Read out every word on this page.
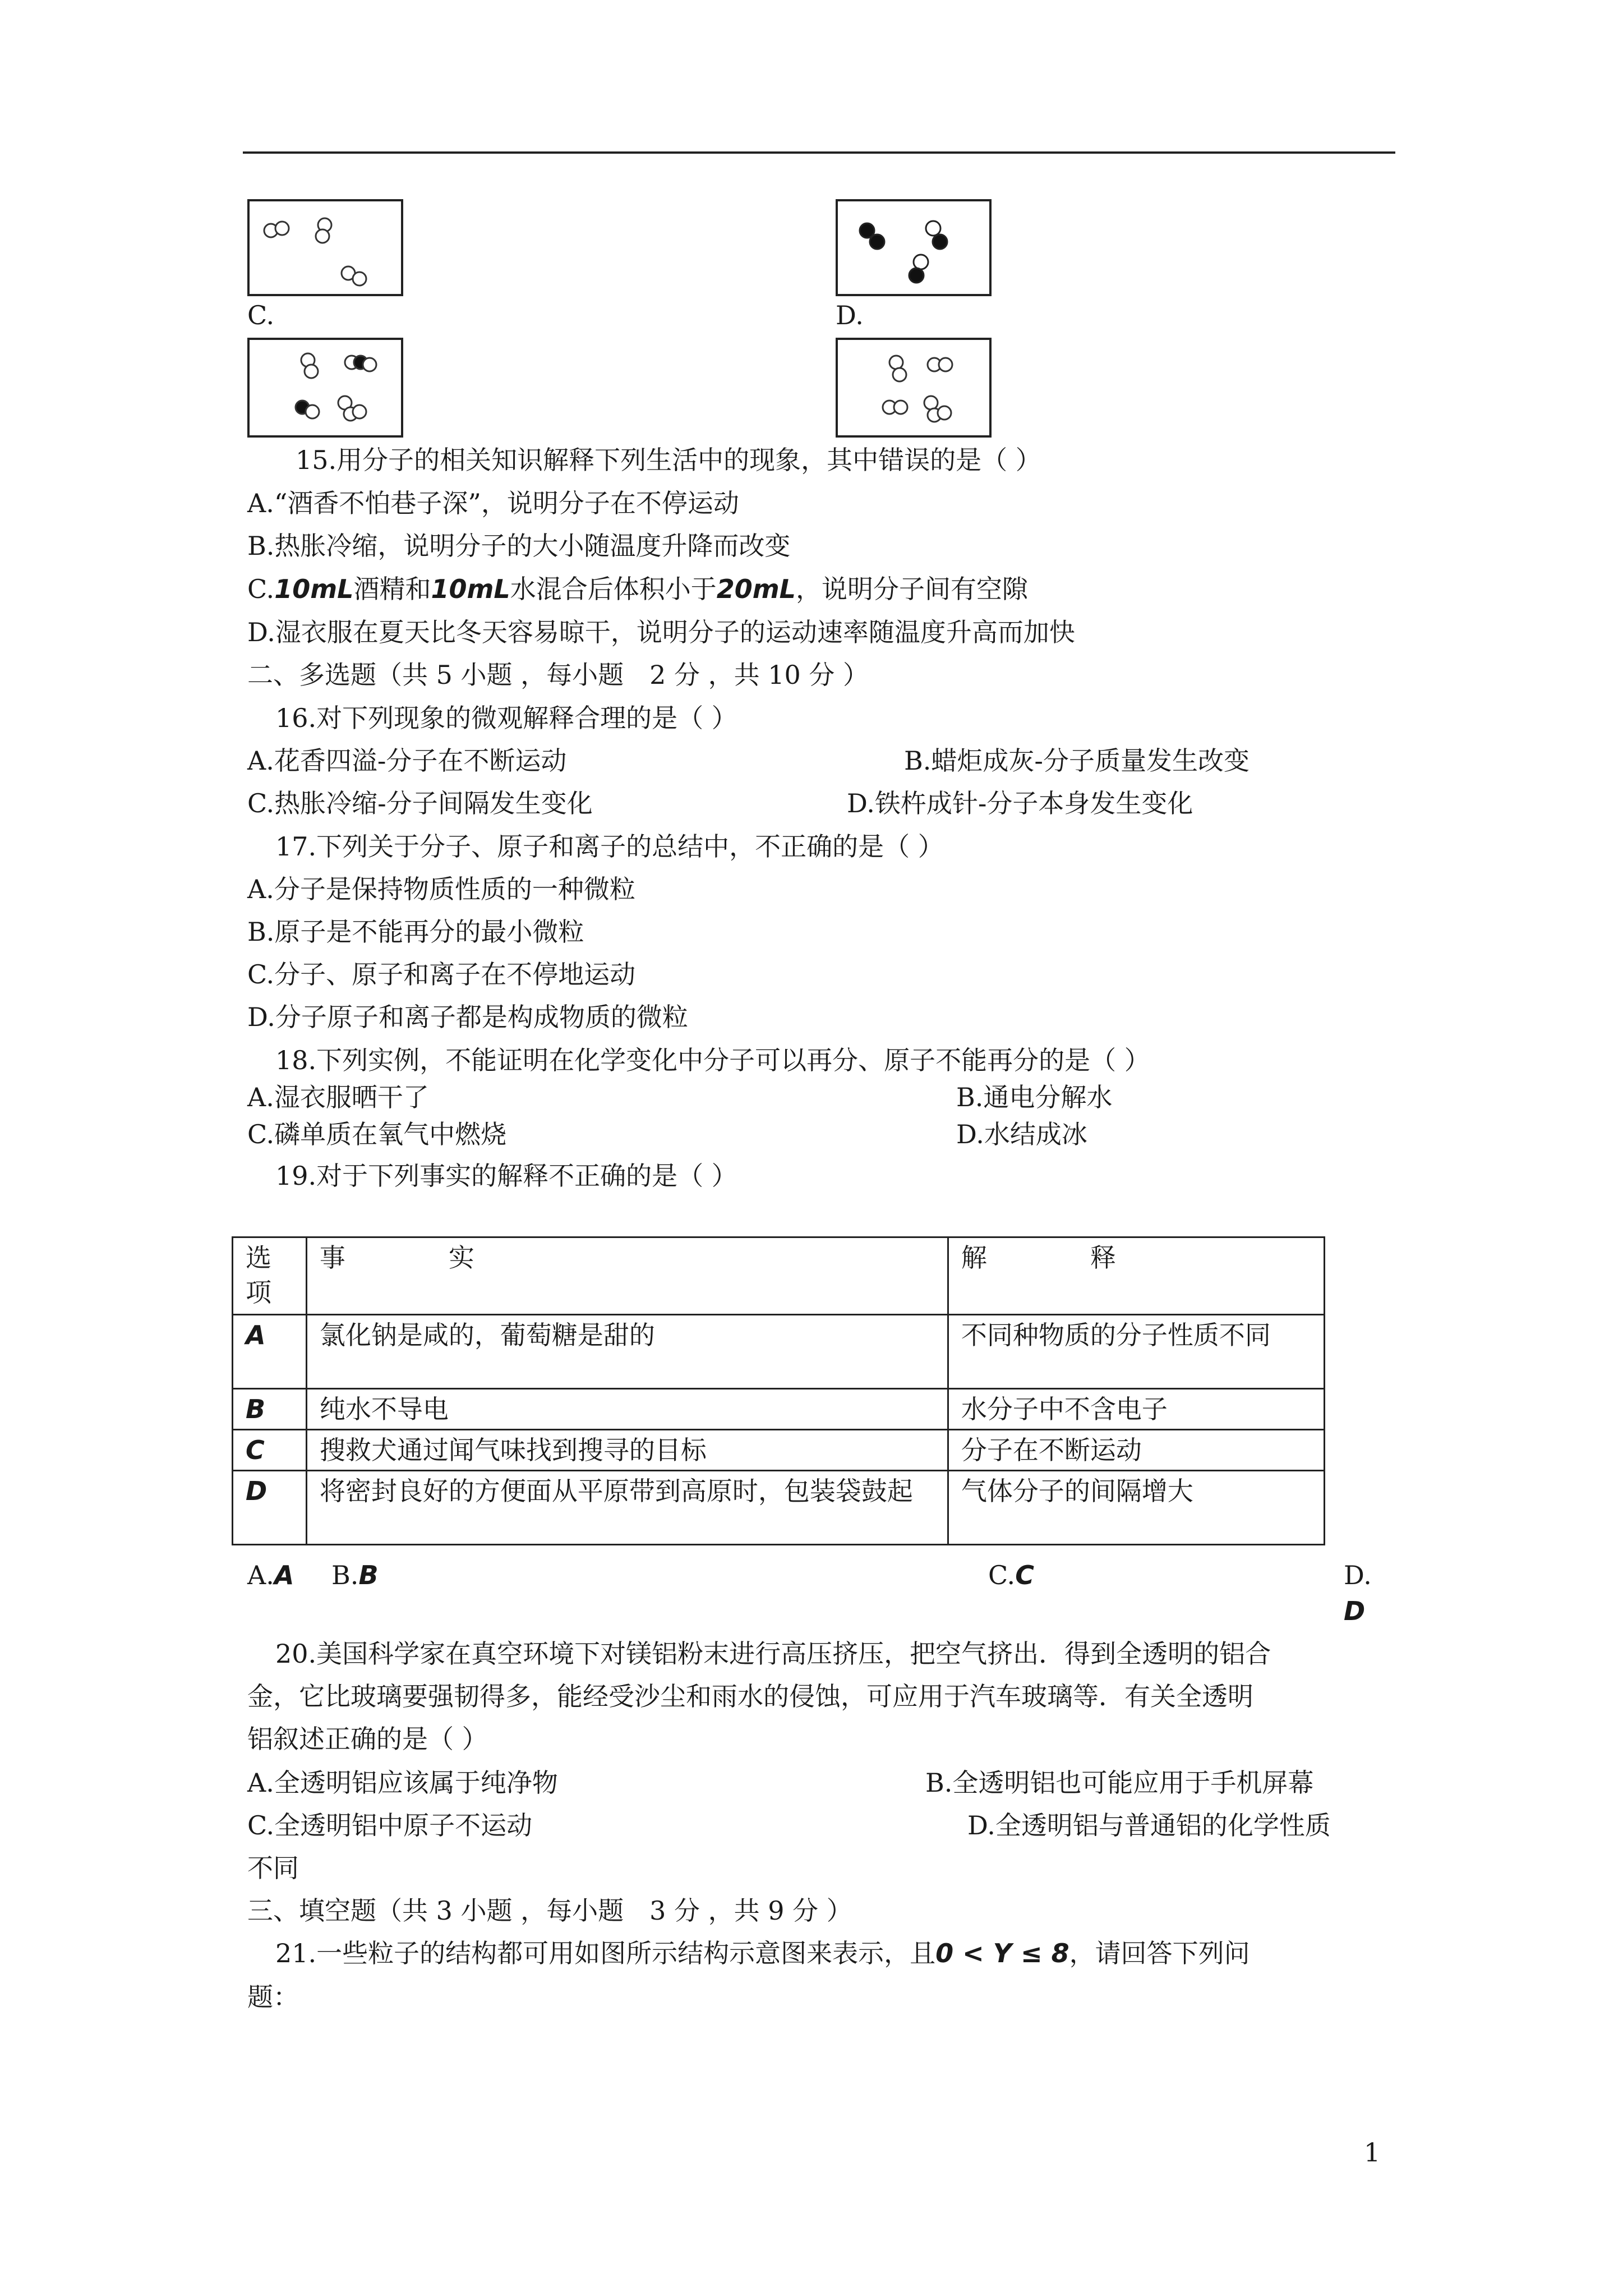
C.	D.
15.用分子的相关知识解释下列生活中的现象，其中错误的是（ ）
A.“酒香不怕巷子深”，说明分子在不停运动
B.热胀冷缩，说明分子的大小随温度升降而改变
C.10mL酒精和10mL水混合后体积小于20mL，说明分子间有空隙
D.湿衣服在夏天比冬天容易晾干，说明分子的运动速率随温度升高而加快
二、多选题（共 5 小题 ，每小题　2 分 ，共 10 分 ）
16.对下列现象的微观解释合理的是（ ）
A.花香四溢-分子在不断运动	B.蜡炬成灰-分子质量发生改变
C.热胀冷缩-分子间隔发生变化	D.铁杵成针-分子本身发生变化
17.下列关于分子、原子和离子的总结中，不正确的是（ ）
A.分子是保持物质性质的一种微粒
B.原子是不能再分的最小微粒
C.分子、原子和离子在不停地运动
D.分子原子和离子都是构成物质的微粒
18.下列实例，不能证明在化学变化中分子可以再分、原子不能再分的是（ ）
A.湿衣服晒干了	B.通电分解水
C.磷单质在氧气中燃烧	D.水结成冰
19.对于下列事实的解释不正确的是（ ）
选项	事　　　　实	解　　　　释
A	氯化钠是咸的，葡萄糖是甜的	不同种物质的分子性质不同
B	纯水不导电	水分子中不含电子
C	搜救犬通过闻气味找到搜寻的目标	分子在不断运动
D	将密封良好的方便面从平原带到高原时，包装袋鼓起	气体分子的间隔增大
A.A B.B	C.C	D.
D
20.美国科学家在真空环境下对镁铝粉末进行高压挤压，把空气挤出．得到全透明的铝合
金，它比玻璃要强韧得多，能经受沙尘和雨水的侵蚀，可应用于汽车玻璃等．有关全透明
铝叙述正确的是（ ）
A.全透明铝应该属于纯净物	B.全透明铝也可能应用于手机屏幕
C.全透明铝中原子不运动	D.全透明铝与普通铝的化学性质
不同
三、填空题（共 3 小题 ，每小题　3 分 ，共 9 分 ）
21.一些粒子的结构都可用如图所示结构示意图来表示，且0 < Y ≤ 8，请回答下列问
题：
1
